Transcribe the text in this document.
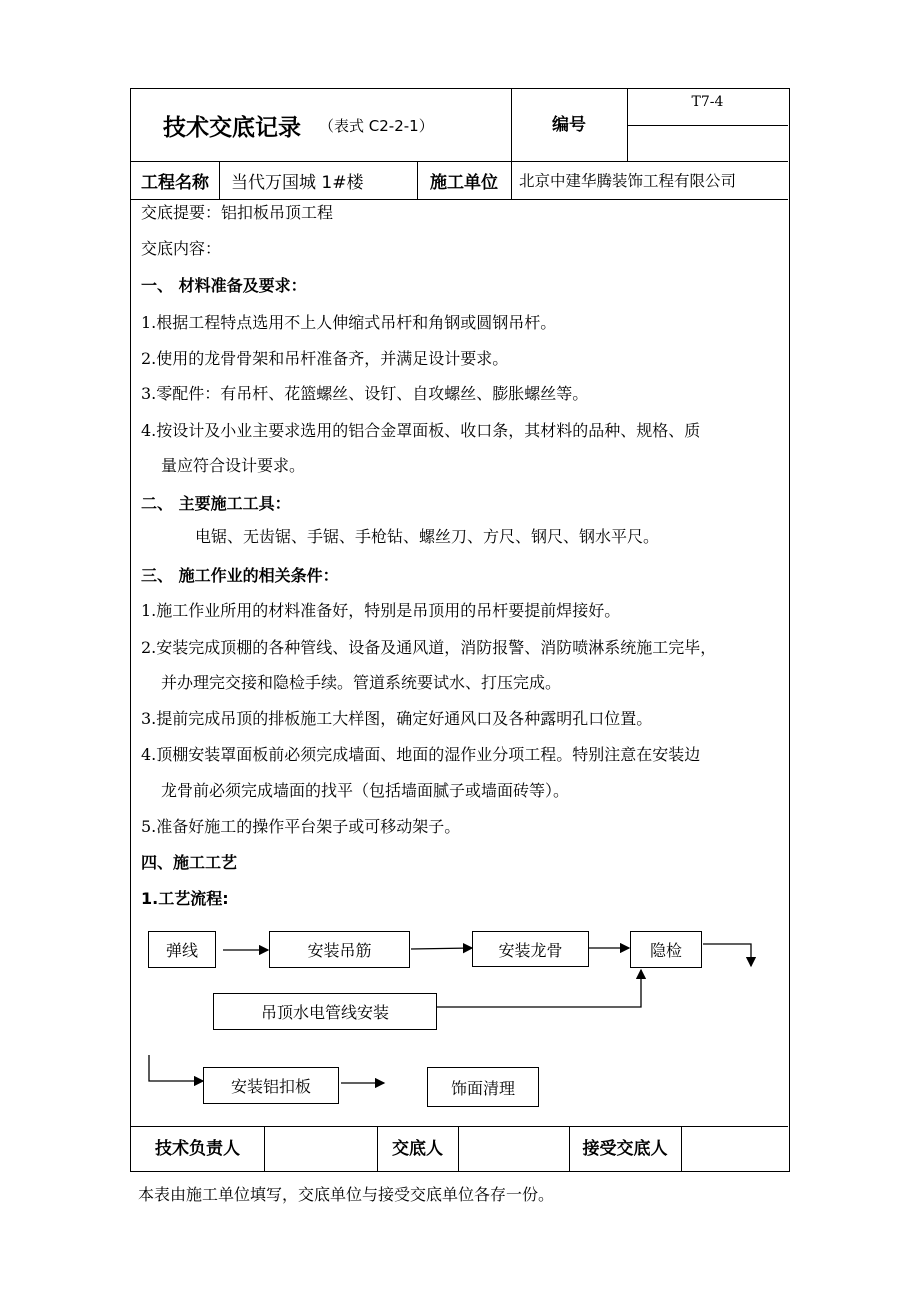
技术交底记录 （表式 C2-2-1）	编号
T7-4
工程名称	当代万国城 1#楼	施工单位	北京中建华腾装饰工程有限公司
交底提要：铝扣板吊顶工程
交底内容：
一、 材料准备及要求：
1.根据工程特点选用不上人伸缩式吊杆和角钢或圆钢吊杆。
2.使用的龙骨骨架和吊杆准备齐，并满足设计要求。
3.零配件：有吊杆、花篮螺丝、设钉、自攻螺丝、膨胀螺丝等。
4.按设计及小业主要求选用的铝合金罩面板、收口条，其材料的品种、规格、质
量应符合设计要求。
二、 主要施工工具：
电锯、无齿锯、手锯、手枪钻、螺丝刀、方尺、钢尺、钢水平尺。
三、 施工作业的相关条件：
1.施工作业所用的材料准备好，特别是吊顶用的吊杆要提前焊接好。
2.安装完成顶棚的各种管线、设备及通风道，消防报警、消防喷淋系统施工完毕，
并办理完交接和隐检手续。管道系统要试水、打压完成。
3.提前完成吊顶的排板施工大样图，确定好通风口及各种露明孔口位置。
4.顶棚安装罩面板前必须完成墙面、地面的湿作业分项工程。特别注意在安装边
龙骨前必须完成墙面的找平（包括墙面腻子或墙面砖等）。
5.准备好施工的操作平台架子或可移动架子。
四、施工工艺
1.工艺流程:
弹线	安装吊筋	安装龙骨	隐检
吊顶水电管线安装
安装铝扣板	饰面清理
技术负责人	交底人	接受交底人
本表由施工单位填写，交底单位与接受交底单位各存一份。
